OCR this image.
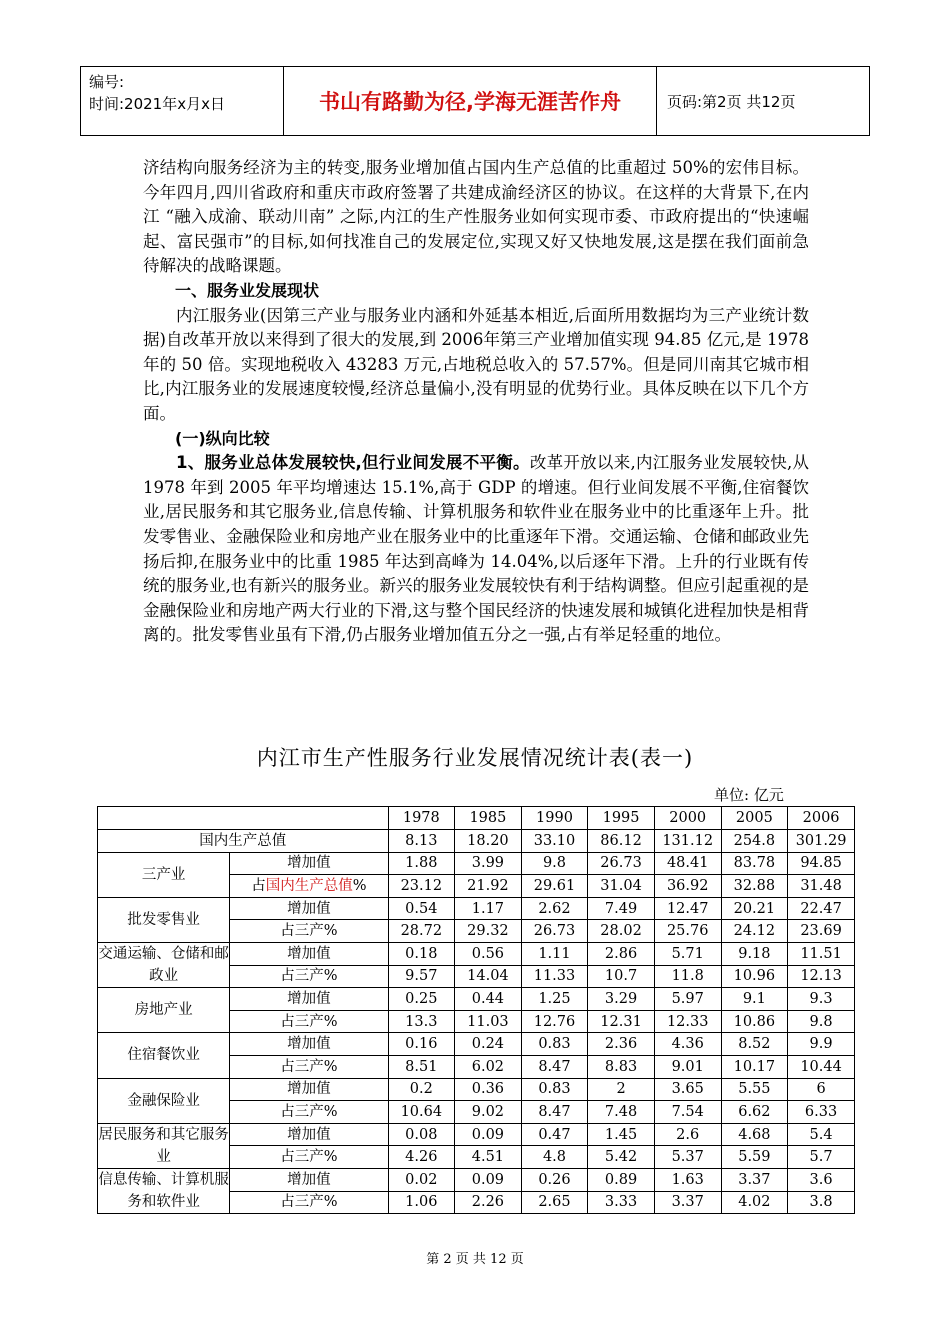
编号:
时间:2021年x月x日	书山有路勤为径,学海无涯苦作舟	页码:第2页 共12页

济结构向服务经济为主的转变,服务业增加值占国内生产总值的比重超过 50%的宏伟目标。今年四月,四川省政府和重庆市政府签署了共建成渝经济区的协议。在这样的大背景下,在内江 “融入成渝、联动川南” 之际,内江的生产性服务业如何实现市委、市政府提出的“快速崛起、富民强市”的目标,如何找准自己的发展定位,实现又好又快地发展,这是摆在我们面前急待解决的战略课题。

一、服务业发展现状

内江服务业(因第三产业与服务业内涵和外延基本相近,后面所用数据均为三产业统计数据)自改革开放以来得到了很大的发展,到 2006年第三产业增加值实现 94.85 亿元,是 1978 年的 50 倍。实现地税收入 43283 万元,占地税总收入的 57.57%。但是同川南其它城市相比,内江服务业的发展速度较慢,经济总量偏小,没有明显的优势行业。具体反映在以下几个方面。

(一)纵向比较

1、服务业总体发展较快,但行业间发展不平衡。改革开放以来,内江服务业发展较快,从 1978 年到 2005 年平均增速达 15.1%,高于 GDP 的增速。但行业间发展不平衡,住宿餐饮业,居民服务和其它服务业,信息传输、计算机服务和软件业在服务业中的比重逐年上升。批发零售业、金融保险业和房地产业在服务业中的比重逐年下滑。交通运输、仓储和邮政业先扬后抑,在服务业中的比重 1985 年达到高峰为 14.04%,以后逐年下滑。上升的行业既有传统的服务业,也有新兴的服务业。新兴的服务业发展较快有利于结构调整。但应引起重视的是金融保险业和房地产两大行业的下滑,这与整个国民经济的快速发展和城镇化进程加快是相背离的。批发零售业虽有下滑,仍占服务业增加值五分之一强,占有举足轻重的地位。

内江市生产性服务行业发展情况统计表(表一)
单位: 亿元
		1978	1985	1990	1995	2000	2005	2006
国内生产总值		8.13	18.20	33.10	86.12	131.12	254.8	301.29
三产业	增加值	1.88	3.99	9.8	26.73	48.41	83.78	94.85
	占国内生产总值%	23.12	21.92	29.61	31.04	36.92	32.88	31.48
批发零售业	增加值	0.54	1.17	2.62	7.49	12.47	20.21	22.47
	占三产%	28.72	29.32	26.73	28.02	25.76	24.12	23.69
交通运输、仓储和邮政业	增加值	0.18	0.56	1.11	2.86	5.71	9.18	11.51
	占三产%	9.57	14.04	11.33	10.7	11.8	10.96	12.13
房地产业	增加值	0.25	0.44	1.25	3.29	5.97	9.1	9.3
	占三产%	13.3	11.03	12.76	12.31	12.33	10.86	9.8
住宿餐饮业	增加值	0.16	0.24	0.83	2.36	4.36	8.52	9.9
	占三产%	8.51	6.02	8.47	8.83	9.01	10.17	10.44
金融保险业	增加值	0.2	0.36	0.83	2	3.65	5.55	6
	占三产%	10.64	9.02	8.47	7.48	7.54	6.62	6.33
居民服务和其它服务业	增加值	0.08	0.09	0.47	1.45	2.6	4.68	5.4
	占三产%	4.26	4.51	4.8	5.42	5.37	5.59	5.7
信息传输、计算机服务和软件业	增加值	0.02	0.09	0.26	0.89	1.63	3.37	3.6
	占三产%	1.06	2.26	2.65	3.33	3.37	4.02	3.8
第 2 页 共 12 页
